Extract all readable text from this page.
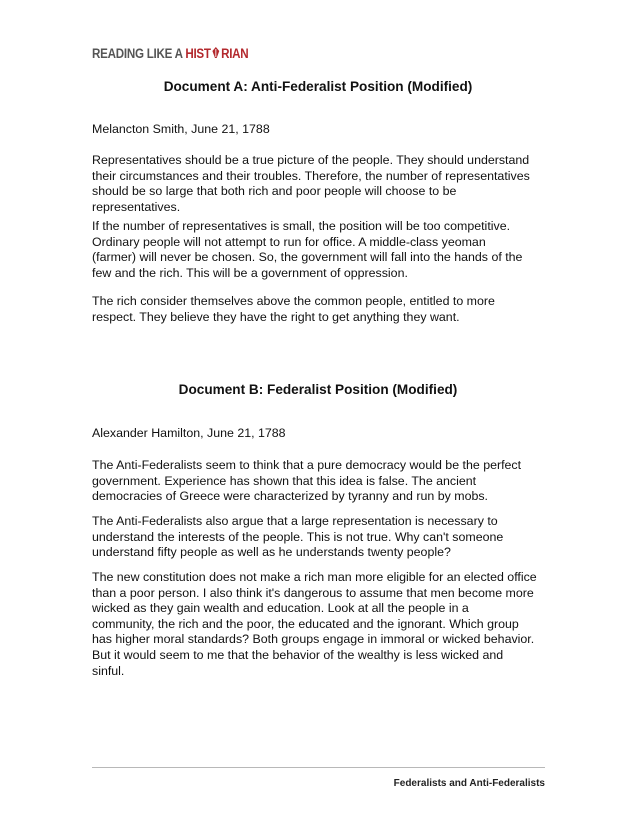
READING LIKE A HIST RIAN
Document A: Anti-Federalist Position (Modified)
Melancton Smith, June 21, 1788
Representatives should be a true picture of the people. They should understand
their circumstances and their troubles. Therefore, the number of representatives
should be so large that both rich and poor people will choose to be
representatives.
If the number of representatives is small, the position will be too competitive.
Ordinary people will not attempt to run for office. A middle-class yeoman
(farmer) will never be chosen. So, the government will fall into the hands of the
few and the rich. This will be a government of oppression.
The rich consider themselves above the common people, entitled to more
respect. They believe they have the right to get anything they want.
Document B: Federalist Position (Modified)
Alexander Hamilton, June 21, 1788
The Anti-Federalists seem to think that a pure democracy would be the perfect
government. Experience has shown that this idea is false. The ancient
democracies of Greece were characterized by tyranny and run by mobs.
The Anti-Federalists also argue that a large representation is necessary to
understand the interests of the people. This is not true. Why can't someone
understand fifty people as well as he understands twenty people?
The new constitution does not make a rich man more eligible for an elected office
than a poor person. I also think it's dangerous to assume that men become more
wicked as they gain wealth and education. Look at all the people in a
community, the rich and the poor, the educated and the ignorant. Which group
has higher moral standards? Both groups engage in immoral or wicked behavior.
But it would seem to me that the behavior of the wealthy is less wicked and
sinful.
Federalists and Anti-Federalists
